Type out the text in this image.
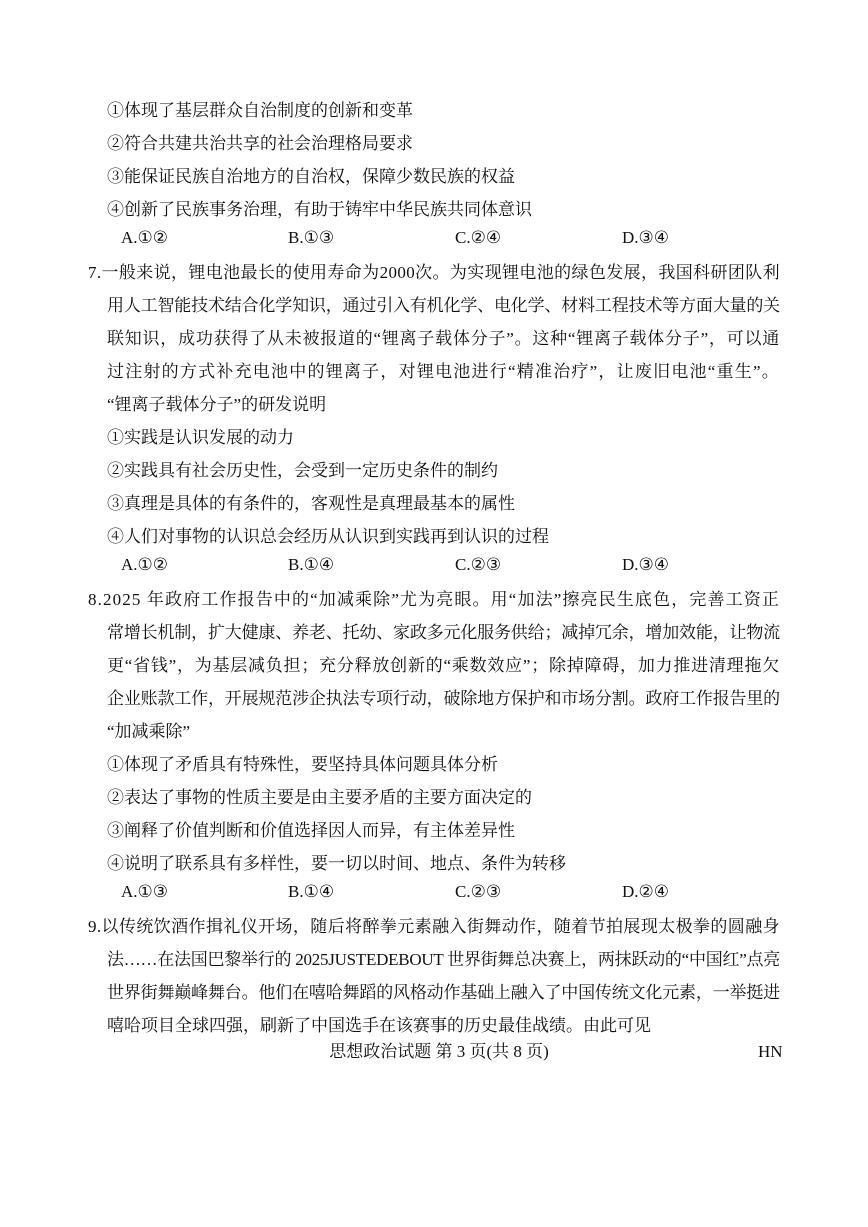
①体现了基层群众自治制度的创新和变革
②符合共建共治共享的社会治理格局要求
③能保证民族自治地方的自治权，保障少数民族的权益
④创新了民族事务治理，有助于铸牢中华民族共同体意识
A.①②	B.①③	C.②④	D.③④
7.一般来说，锂电池最长的使用寿命为2000次。为实现锂电池的绿色发展，我国科研团队利
用人工智能技术结合化学知识，通过引入有机化学、电化学、材料工程技术等方面大量的关
联知识，成功获得了从未被报道的“锂离子载体分子”。这种“锂离子载体分子”，可以通
过注射的方式补充电池中的锂离子，对锂电池进行“精准治疗”，让废旧电池“重生”。
“锂离子载体分子”的研发说明
①实践是认识发展的动力
②实践具有社会历史性，会受到一定历史条件的制约
③真理是具体的有条件的，客观性是真理最基本的属性
④人们对事物的认识总会经历从认识到实践再到认识的过程
A.①②	B.①④	C.②③	D.③④
8.2025 年政府工作报告中的“加减乘除”尤为亮眼。用“加法”擦亮民生底色，完善工资正
常增长机制，扩大健康、养老、托幼、家政多元化服务供给；减掉冗余，增加效能，让物流
更“省钱”，为基层减负担；充分释放创新的“乘数效应”；除掉障碍，加力推进清理拖欠
企业账款工作，开展规范涉企执法专项行动，破除地方保护和市场分割。政府工作报告里的
“加减乘除”
①体现了矛盾具有特殊性，要坚持具体问题具体分析
②表达了事物的性质主要是由主要矛盾的主要方面决定的
③阐释了价值判断和价值选择因人而异，有主体差异性
④说明了联系具有多样性，要一切以时间、地点、条件为转移
A.①③	B.①④	C.②③	D.②④
9.以传统饮酒作揖礼仪开场，随后将醉拳元素融入街舞动作，随着节拍展现太极拳的圆融身
法……在法国巴黎举行的 2025JUSTEDEBOUT 世界街舞总决赛上，两抹跃动的“中国红”点亮
世界街舞巅峰舞台。他们在嘻哈舞蹈的风格动作基础上融入了中国传统文化元素，一举挺进
嘻哈项目全球四强，刷新了中国选手在该赛事的历史最佳战绩。由此可见
思想政治试题 第 3 页(共 8 页)	HN
